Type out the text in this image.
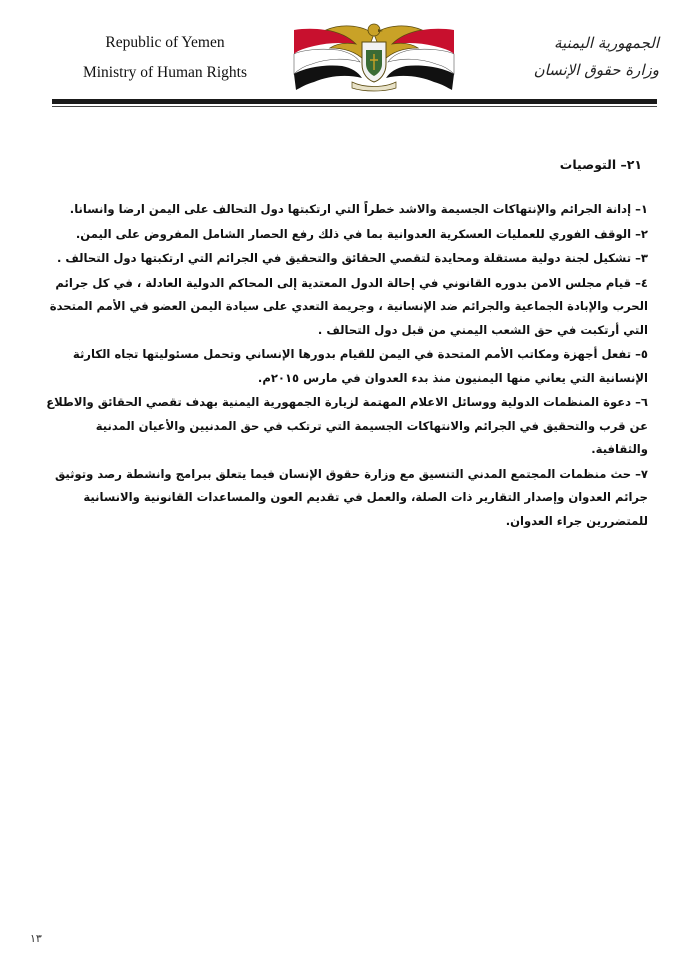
Republic of Yemen
Ministry of Human Rights
الجمهورية اليمنية
وزارة حقوق الإنسان
٢١– التوصيات
١– إدانة الجرائم والإنتهاكات الجسيمة والاشد خطراً التي ارتكبتها دول التحالف على اليمن ارضا وانسانا.
٢– الوقف الفوري للعمليات العسكرية العدوانية بما في ذلك رفع الحصار الشامل المفروض على اليمن.
٣– تشكيل لجنة دولية مستقلة ومحايدة لتقصي الحقائق والتحقيق في الجرائم التي ارتكبتها دول التحالف .
٤– قيام مجلس الامن بدوره القانوني في إحالة الدول المعتدية إلى المحاكم الدولية العادلة ، في كل جرائم الحرب والإبادة الجماعية والجرائم ضد الإنسانية ، وجريمة التعدي على سيادة اليمن العضو في الأمم المتحدة التي أرتكبت في حق الشعب اليمني من قبل دول التحالف .
٥– تفعل أجهزة ومكاتب الأمم المتحدة في اليمن للقيام بدورها الإنساني وتحمل مسئوليتها تجاه الكارثة الإنسانية التي يعاني منها اليمنيون منذ بدء العدوان في مارس ٢٠١٥م.
٦– دعوة المنظمات الدولية ووسائل الاعلام المهتمة لزيارة الجمهورية اليمنية بهدف تقصي الحقائق والاطلاع عن قرب والتحقيق في الجرائم والانتهاكات الجسيمة التي ترتكب في حق المدنيين والأعيان المدنية والثقافية.
٧– حث منظمات المجتمع المدني التنسيق مع وزارة حقوق الإنسان فيما يتعلق ببرامج وانشطة رصد وتوثيق جرائم العدوان وإصدار التقارير ذات الصلة، والعمل في تقديم العون والمساعدات القانونية والانسانية للمتضررين جراء العدوان.
١٣
